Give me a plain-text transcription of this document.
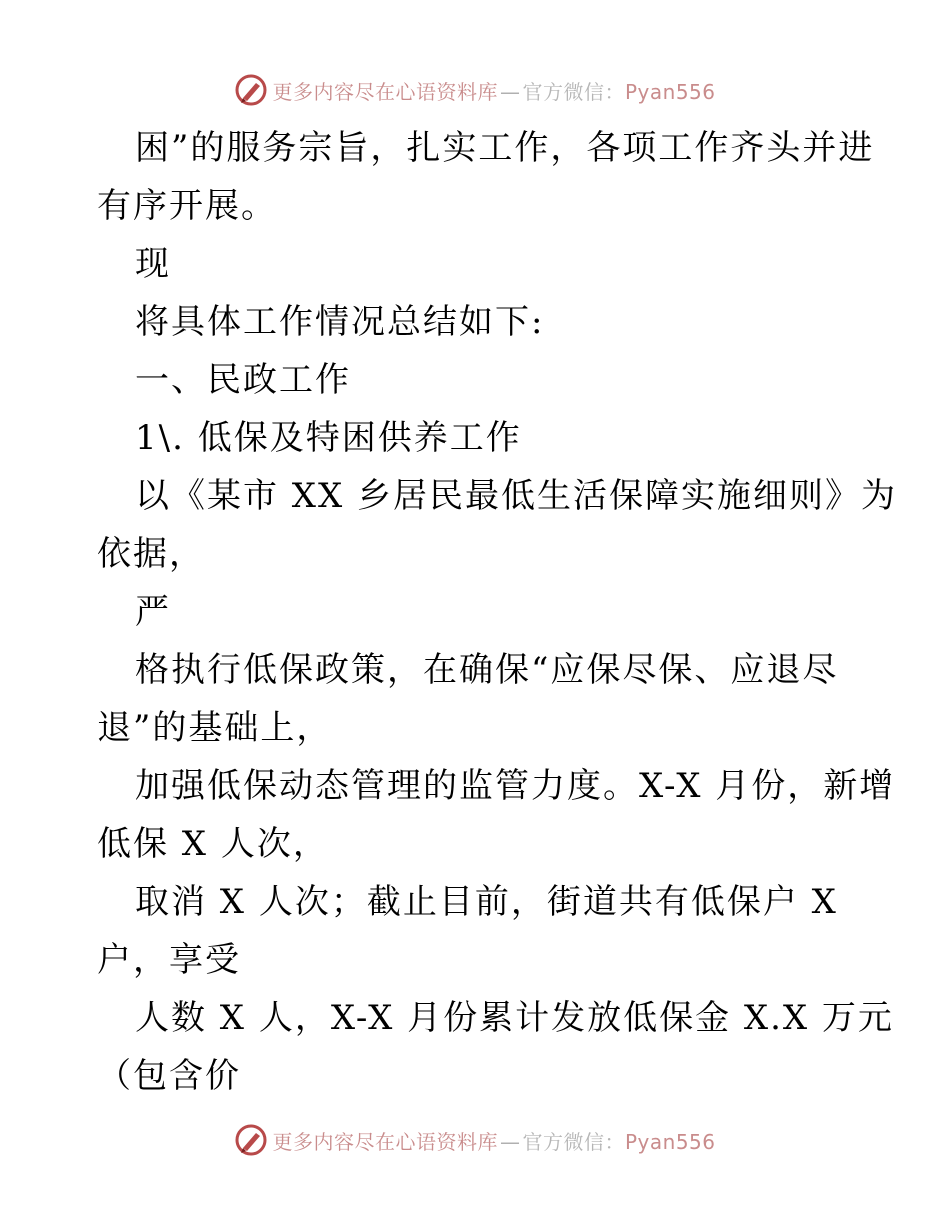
更多内容尽在心语资料库 — 官方微信：Pyan556
困”的服务宗旨，扎实工作，各项工作齐头并进
有序开展。
现
将具体工作情况总结如下:
一、民政工作
1\. 低保及特困供养工作
以《某市 XX 乡居民最低生活保障实施细则》为
依据，
严
格执行低保政策，在确保“应保尽保、应退尽
退”的基础上，
加强低保动态管理的监管力度。X-X 月份，新增
低保 X 人次，
取消 X 人次；截止目前，街道共有低保户 X
户，享受
人数 X 人，X-X 月份累计发放低保金 X.X 万元
（包含价
更多内容尽在心语资料库 — 官方微信：Pyan556
